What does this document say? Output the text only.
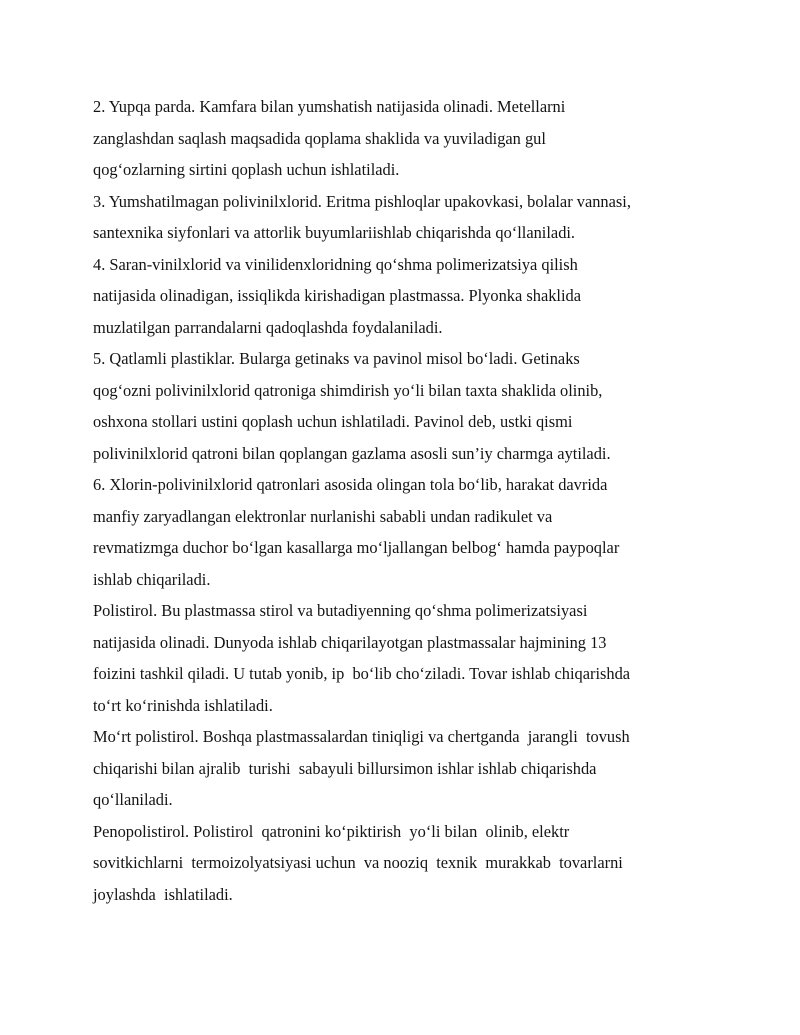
2. Yupqa parda. Kamfara bilan yumshatish natijasida olinadi. Metellarni
zanglashdan saqlash maqsadida qoplama shaklida va yuviladigan gul
qog‘ozlarning sirtini qoplash uchun ishlatiladi.
3. Yumshatilmagan polivinilxlorid. Eritma pishloqlar upakovkasi, bolalar vannasi,
santexnika siyfonlari va attorlik buyumlariishlab chiqarishda qo‘llaniladi.
4. Saran-vinilxlorid va vinilidenxloridning qo‘shma polimerizatsiya qilish
natijasida olinadigan, issiqlikda kirishadigan plastmassa. Plyonka shaklida
muzlatilgan parrandalarni qadoqlashda foydalaniladi.
5. Qatlamli plastiklar. Bularga getinaks va pavinol misol bo‘ladi. Getinaks
qog‘ozni polivinilxlorid qatroniga shimdirish yo‘li bilan taxta shaklida olinib,
oshxona stollari ustini qoplash uchun ishlatiladi. Pavinol deb, ustki qismi
polivinilxlorid qatroni bilan qoplangan gazlama asosli sun’iy charmga aytiladi.
6. Xlorin-polivinilxlorid qatronlari asosida olingan tola bo‘lib, harakat davrida
manfiy zaryadlangan elektronlar nurlanishi sababli undan radikulet va
revmatizmga duchor bo‘lgan kasallarga mo‘ljallangan belbog‘ hamda paypoqlar
ishlab chiqariladi.
Polistirol. Bu plastmassa stirol va butadiyenning qo‘shma polimerizatsiyasi
natijasida olinadi. Dunyoda ishlab chiqarilayotgan plastmassalar hajmining 13
foizini tashkil qiladi. U tutab yonib, ip  bo‘lib cho‘ziladi. Tovar ishlab chiqarishda
to‘rt ko‘rinishda ishlatiladi.
Mo‘rt polistirol. Boshqa plastmassalardan tiniqligi va chertganda  jarangli  tovush
chiqarishi bilan ajralib  turishi  sabayuli billursimon ishlar ishlab chiqarishda
qo‘llaniladi.
Penopolistirol. Polistirol  qatronini ko‘piktirish  yo‘li bilan  olinib, elektr
sovitkichlarni  termoizolyatsiyasi uchun  va nooziq  texnik  murakkab  tovarlarni
joylashda  ishlatiladi.
